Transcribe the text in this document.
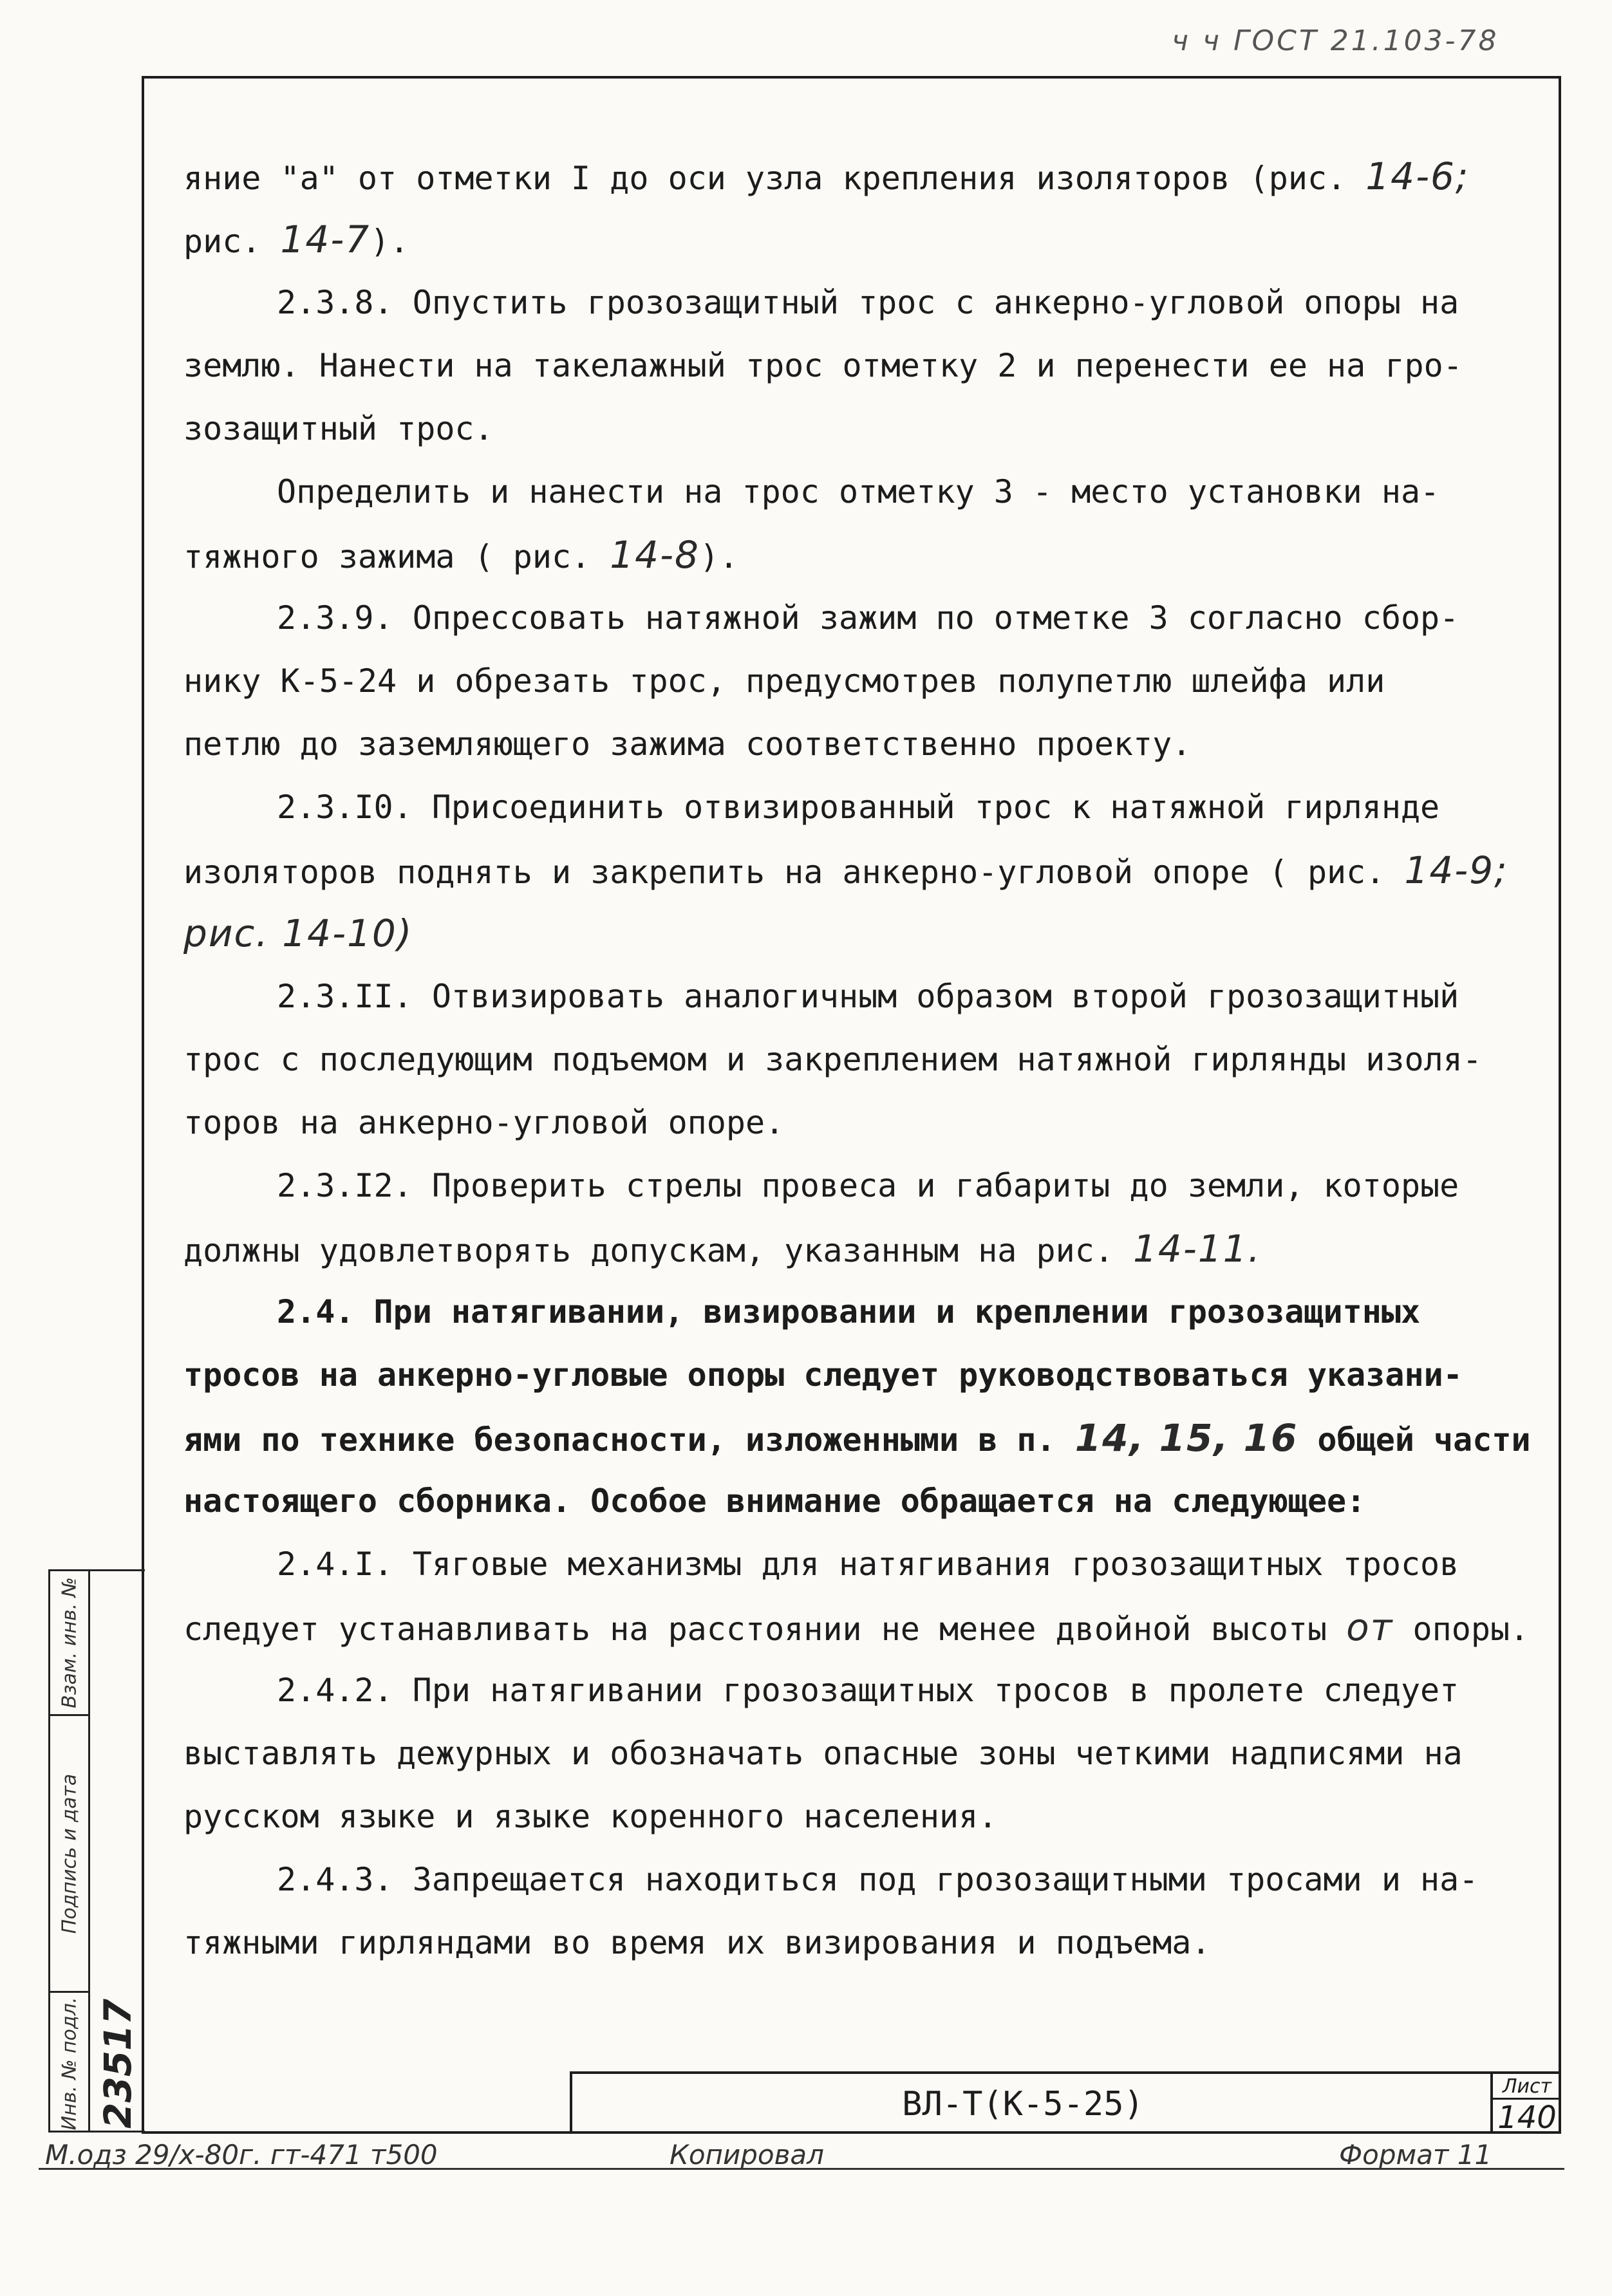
ч ч ГОСТ 21.103-78
Взам. инв. №
Подпись и дата
Инв. № подл. 23517
яние "а" от отметки I до оси узла крепления изоляторов (рис. 14-6;
рис. 14-7).
2.3.8. Опустить грозозащитный трос с анкерно-угловой опоры на
землю. Нанести на такелажный трос отметку 2 и перенести ее на гро-
зозащитный трос.
Определить и нанести на трос отметку 3 - место установки на-
тяжного зажима ( рис. 14-8).
2.3.9. Опрессовать натяжной зажим по отметке 3 согласно сбор-
нику К-5-24 и обрезать трос, предусмотрев полупетлю шлейфа или
петлю до заземляющего зажима соответственно проекту.
2.3.I0. Присоединить отвизированный трос к натяжной гирлянде
изоляторов поднять и закрепить на анкерно-угловой опоре ( рис. 14-9;
рис. 14-10)
2.3.II. Отвизировать аналогичным образом второй грозозащитный
трос с последующим подъемом и закреплением натяжной гирлянды изоля-
торов на анкерно-угловой опоре.
2.3.I2. Проверить стрелы провеса и габариты до земли, которые
должны удовлетворять допускам, указанным на рис. 14-11.
2.4. При натягивании, визировании и креплении грозозащитных
тросов на анкерно-угловые опоры следует руководствоваться указани-
ями по технике безопасности, изложенными в п. 14, 15, 16 общей части
настоящего сборника. Особое внимание обращается на следующее:
2.4.I. Тяговые механизмы для натягивания грозозащитных тросов
следует устанавливать на расстоянии не менее двойной высоты от опоры.
2.4.2. При натягивании грозозащитных тросов в пролете следует
выставлять дежурных и обозначать опасные зоны четкими надписями на
русском языке и языке коренного населения.
2.4.3. Запрещается находиться под грозозащитными тросами и на-
тяжными гирляндами во время их визирования и подъема.
ВЛ-Т(К-5-25)	Лист
140
М.одз 29/х-80г. гт-471 т500	Копировал	Формат 11
